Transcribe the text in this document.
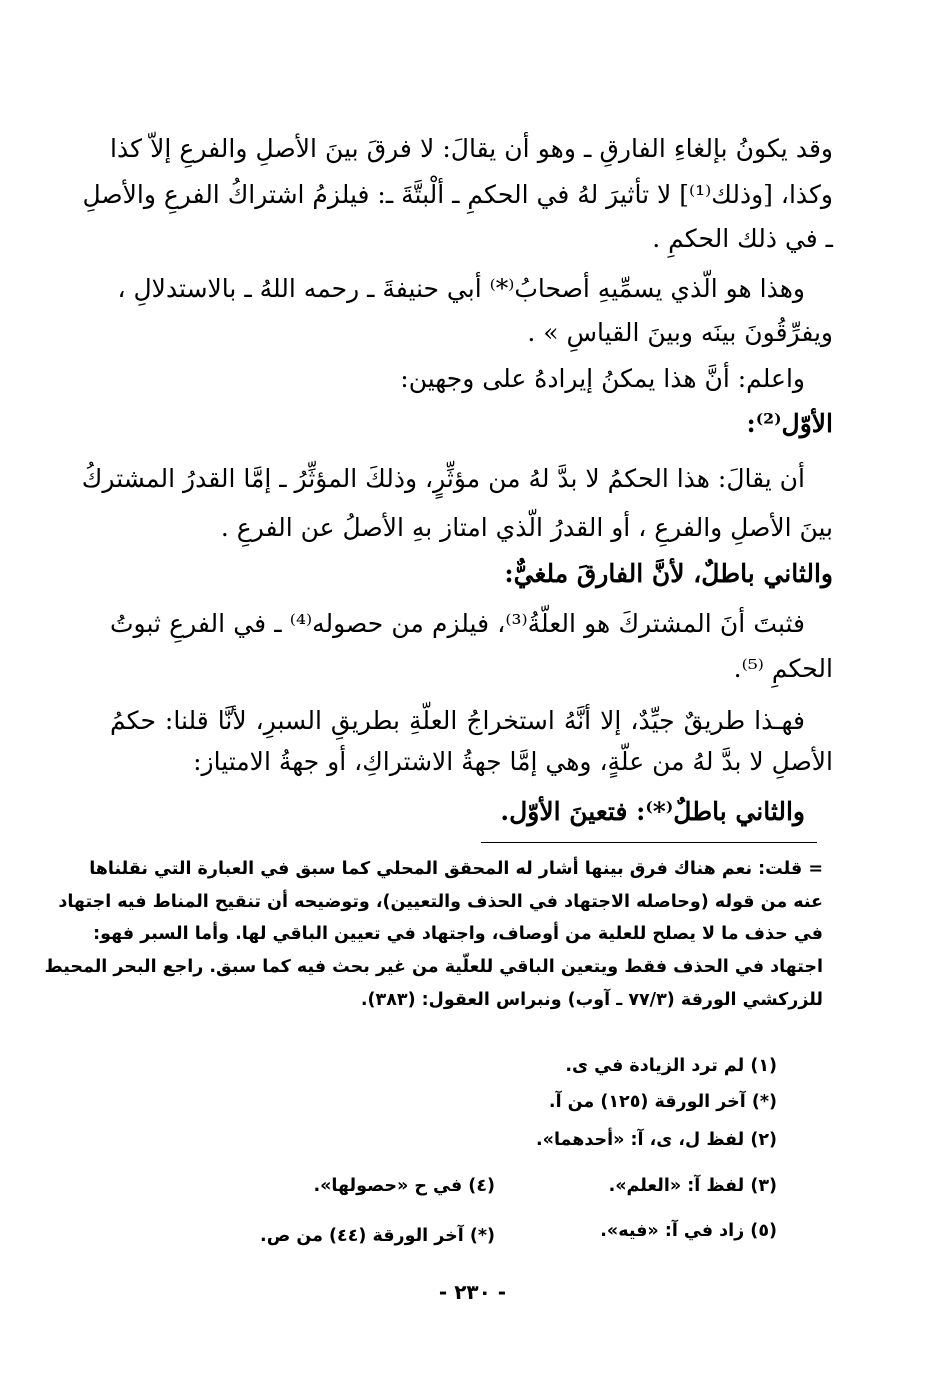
وقد يكونُ بإلغاءِ الفارقِ ـ وهو أن يقالَ: لا فرقَ بينَ الأصلِ والفرعِ إلاّ كذا
وكذا، [وذلك⁽¹⁾] لا تأثيرَ لهُ في الحكمِ ـ ألْبتَّةَ ـ: فيلزمُ اشتراكُ الفرعِ والأصلِ
ـ في ذلك الحكمِ .
وهذا هو الّذي يسمِّيهِ أصحابُ⁽*⁾ أبي حنيفةَ ـ رحمه اللهُ ـ بالاستدلالِ ،
ويفرِّقُونَ بينَه وبينَ القياسِ » .
واعلم: أنَّ هذا يمكنُ إيرادهُ على وجهين:
الأوّل⁽²⁾:
أن يقالَ: هذا الحكمُ لا بدَّ لهُ من مؤثِّرٍ، وذلكَ المؤثِّرُ ـ إمَّا القدرُ المشتركُ
بينَ الأصلِ والفرعِ ، أو القدرُ الّذي امتاز بهِ الأصلُ عن الفرعِ .
والثاني باطلٌ، لأنَّ الفارقَ ملغيٌّ:
فثبتَ أنَ المشتركَ هو العلّةُ⁽³⁾، فيلزم من حصوله⁽⁴⁾ ـ في الفرعِ ثبوتُ
الحكمِ ⁽⁵⁾.
فهـذا طريقٌ جيِّدٌ، إلا أنَّهُ استخراجُ العلّةِ بطريقِ السبرِ، لأنَّا قلنا: حكمُ
الأصلِ لا بدَّ لهُ من علّةٍ، وهي إمَّا جهةُ الاشتراكِ، أو جهةُ الامتياز:
والثاني باطلٌ⁽*⁾: فتعينَ الأوّل.
= قلت: نعم هناك فرق بينها أشار له المحقق المحلي كما سبق في العبارة التي نقلناها
عنه من قوله (وحاصله الاجتهاد في الحذف والتعيين)، وتوضيحه أن تنقيح المناط فيه اجتهاد
في حذف ما لا يصلح للعلية من أوصاف، واجتهاد في تعيين الباقي لها. وأما السبر فهو:
اجتهاد في الحذف فقط ويتعين الباقي للعلّية من غير بحث فيه كما سبق. راجع البحر المحيط
للزركشي الورقة (٧٧/٣ ـ آوب) ونبراس العقول: (٣٨٣).
(١) لم ترد الزيادة في ى.
(*) آخر الورقة (١٢٥) من آ.
(٢) لفظ ل، ى، آ: «أحدهما».
(٣) لفظ آ: «العلم».
(٤) في ح «حصولها».
(٥) زاد في آ: «فيه».
(*) آخر الورقة (٤٤) من ص.
- ٢٣٠ -
